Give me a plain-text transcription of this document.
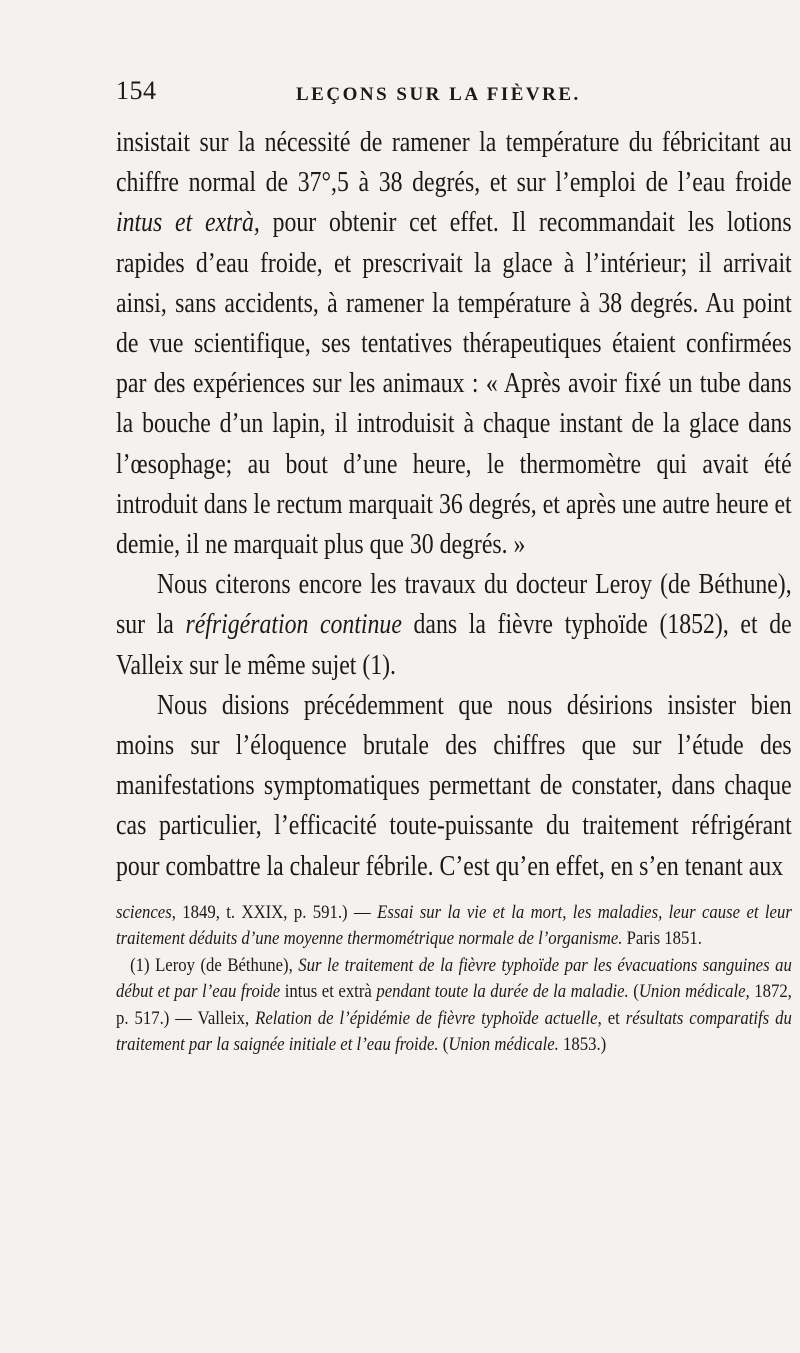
154	LEÇONS SUR LA FIÈVRE.

insistait sur la nécessité de ramener la température du fébricitant au chiffre normal de 37°,5 à 38 degrés, et sur l’emploi de l’eau froide intus et extrà, pour obtenir cet effet. Il recommandait les lotions rapides d’eau froide, et prescrivait la glace à l’intérieur; il arrivait ainsi, sans accidents, à ramener la température à 38 degrés. Au point de vue scientifique, ses tentatives thérapeutiques étaient confirmées par des expériences sur les animaux : « Après avoir fixé un tube dans la bouche d’un lapin, il introduisit à chaque instant de la glace dans l’œsophage; au bout d’une heure, le thermomètre qui avait été introduit dans le rectum marquait 36 degrés, et après une autre heure et demie, il ne marquait plus que 30 degrés. »

Nous citerons encore les travaux du docteur Leroy (de Béthune), sur la réfrigération continue dans la fièvre typhoïde (1852), et de Valleix sur le même sujet (1).

Nous disions précédemment que nous désirions insister bien moins sur l’éloquence brutale des chiffres que sur l’étude des manifestations symptomatiques permettant de constater, dans chaque cas particulier, l’efficacité toute-puissante du traitement réfrigérant pour combattre la chaleur fébrile. C’est qu’en effet, en s’en tenant aux

sciences, 1849, t. XXIX, p. 591.) — Essai sur la vie et la mort, les maladies, leur cause et leur traitement déduits d’une moyenne thermométrique normale de l’organisme. Paris 1851.

(1) Leroy (de Béthune), Sur le traitement de la fièvre typhoïde par les évacuations sanguines au début et par l’eau froide intus et extrà pendant toute la durée de la maladie. (Union médicale, 1872, p. 517.) — Valleix, Relation de l’épidémie de fièvre typhoïde actuelle, et résultats comparatifs du traitement par la saignée initiale et l’eau froide. (Union médicale. 1853.)
